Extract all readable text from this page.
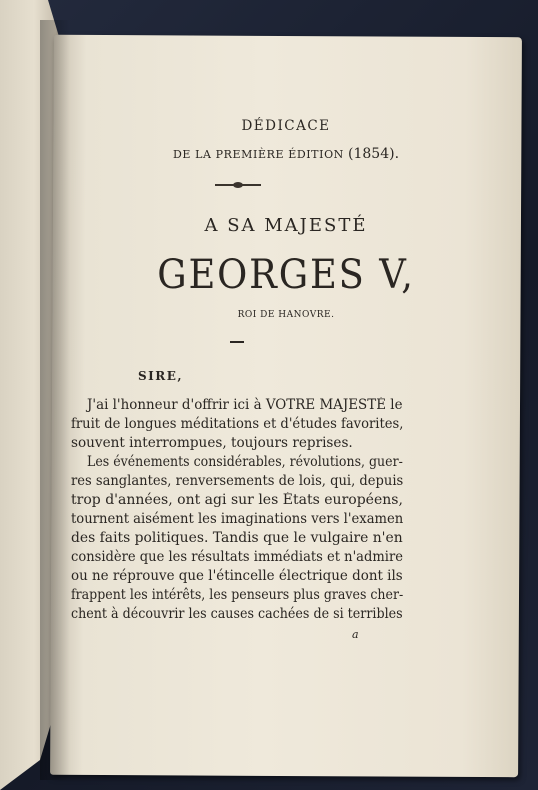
DÉDICACE
DE LA PREMIÈRE ÉDITION (1854).
A SA MAJESTÉ
GEORGES V,
ROI DE HANOVRE.
SIRE,
J'ai l'honneur d'offrir ici à VOTRE MAJESTÉ le
fruit de longues méditations et d'études favorites,
souvent interrompues, toujours reprises.
Les événements considérables, révolutions, guer-
res sanglantes, renversements de lois, qui, depuis
trop d'années, ont agi sur les États européens,
tournent aisément les imaginations vers l'examen
des faits politiques. Tandis que le vulgaire n'en
considère que les résultats immédiats et n'admire
ou ne réprouve que l'étincelle électrique dont ils
frappent les intérêts, les penseurs plus graves cher-
chent à découvrir les causes cachées de si terribles
a
